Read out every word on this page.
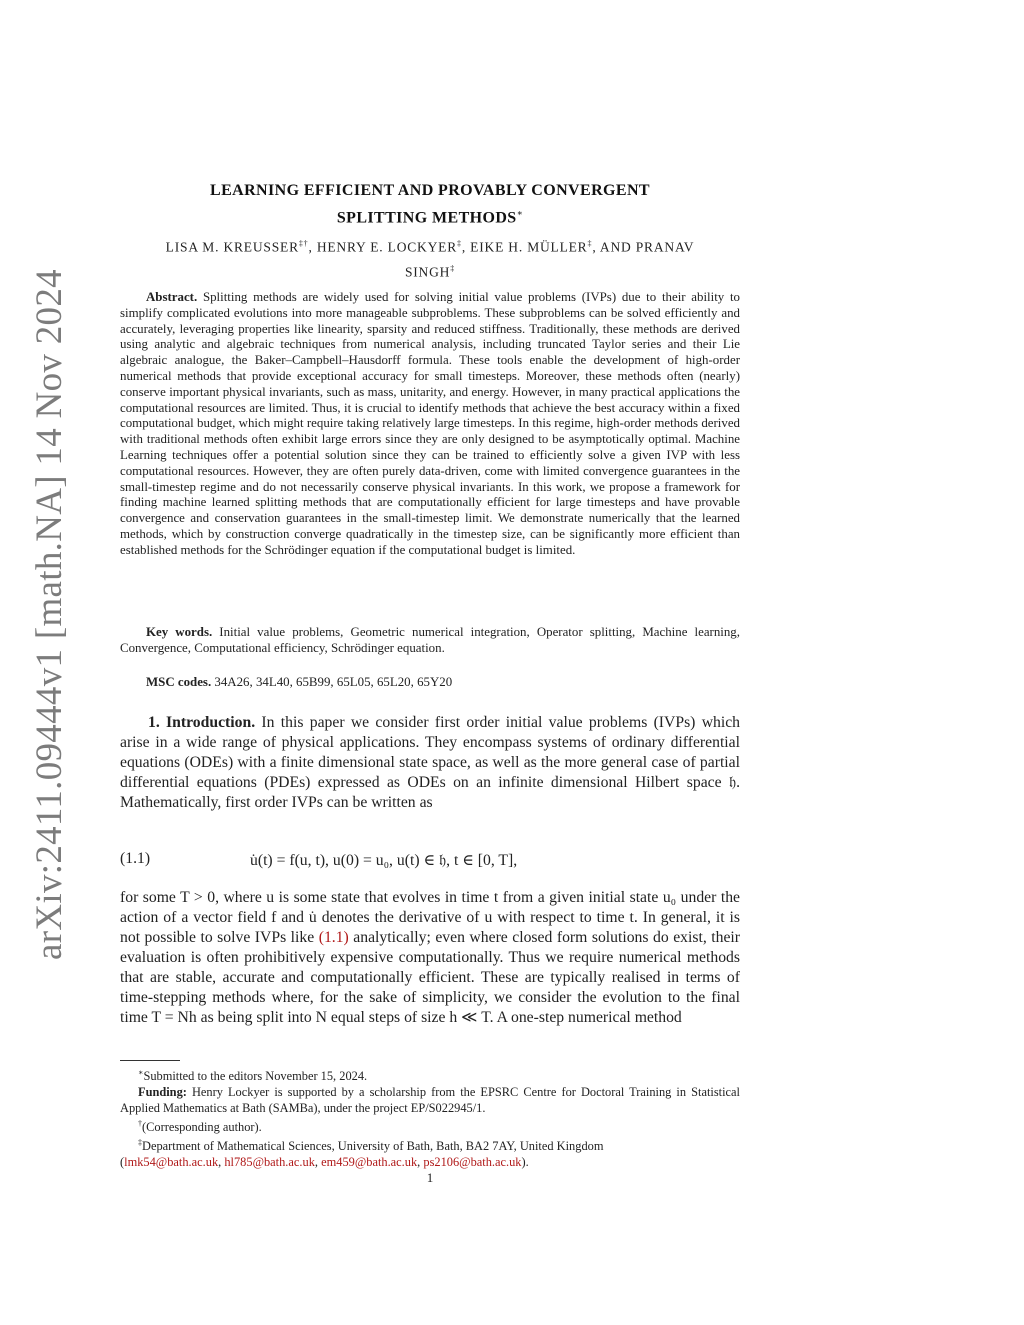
arXiv:2411.09444v1 [math.NA] 14 Nov 2024
LEARNING EFFICIENT AND PROVABLY CONVERGENT
SPLITTING METHODS∗
LISA M. KREUSSER‡†, HENRY E. LOCKYER‡, EIKE H. MÜLLER‡, AND PRANAV
SINGH‡

Abstract. Splitting methods are widely used for solving initial value problems (IVPs) due to their ability to simplify complicated evolutions into more manageable subproblems. These subproblems can be solved efficiently and accurately, leveraging properties like linearity, sparsity and reduced stiffness. Traditionally, these methods are derived using analytic and algebraic techniques from numerical analysis, including truncated Taylor series and their Lie algebraic analogue, the Baker–Campbell–Hausdorff formula. These tools enable the development of high-order numerical methods that provide exceptional accuracy for small timesteps. Moreover, these methods often (nearly) conserve important physical invariants, such as mass, unitarity, and energy. However, in many practical applications the computational resources are limited. Thus, it is crucial to identify methods that achieve the best accuracy within a fixed computational budget, which might require taking relatively large timesteps. In this regime, high-order methods derived with traditional methods often exhibit large errors since they are only designed to be asymptotically optimal. Machine Learning techniques offer a potential solution since they can be trained to efficiently solve a given IVP with less computational resources. However, they are often purely data-driven, come with limited convergence guarantees in the small-timestep regime and do not necessarily conserve physical invariants. In this work, we propose a framework for finding machine learned splitting methods that are computationally efficient for large timesteps and have provable convergence and conservation guarantees in the small-timestep limit. We demonstrate numerically that the learned methods, which by construction converge quadratically in the timestep size, can be significantly more efficient than established methods for the Schrödinger equation if the computational budget is limited.

Key words. Initial value problems, Geometric numerical integration, Operator splitting, Machine learning, Convergence, Computational efficiency, Schrödinger equation.
MSC codes. 34A26, 34L40, 65B99, 65L05, 65L20, 65Y20

1. Introduction. In this paper we consider first order initial value problems (IVPs) which arise in a wide range of physical applications. They encompass systems of ordinary differential equations (ODEs) with a finite dimensional state space, as well as the more general case of partial differential equations (PDEs) expressed as ODEs on an infinite dimensional Hilbert space 𝔥. Mathematically, first order IVPs can be written as

(1.1)	u̇(t) = f(u, t), u(0) = u₀, u(t) ∈ 𝔥, t ∈ [0, T],

for some T > 0, where u is some state that evolves in time t from a given initial state u₀ under the action of a vector field f and u̇ denotes the derivative of u with respect to time t. In general, it is not possible to solve IVPs like (1.1) analytically; even where closed form solutions do exist, their evaluation is often prohibitively expensive computationally. Thus we require numerical methods that are stable, accurate and computationally efficient. These are typically realised in terms of time-stepping methods where, for the sake of simplicity, we consider the evolution to the final time T = Nh as being split into N equal steps of size h ≪ T. A one-step numerical method

∗Submitted to the editors November 15, 2024.

Funding: Henry Lockyer is supported by a scholarship from the EPSRC Centre for Doctoral Training in Statistical Applied Mathematics at Bath (SAMBa), under the project EP/S022945/1.

†(Corresponding author).

‡Department of Mathematical Sciences, University of Bath, Bath, BA2 7AY, United Kingdom

(lmk54@bath.ac.uk, hl785@bath.ac.uk, em459@bath.ac.uk, ps2106@bath.ac.uk).
1
